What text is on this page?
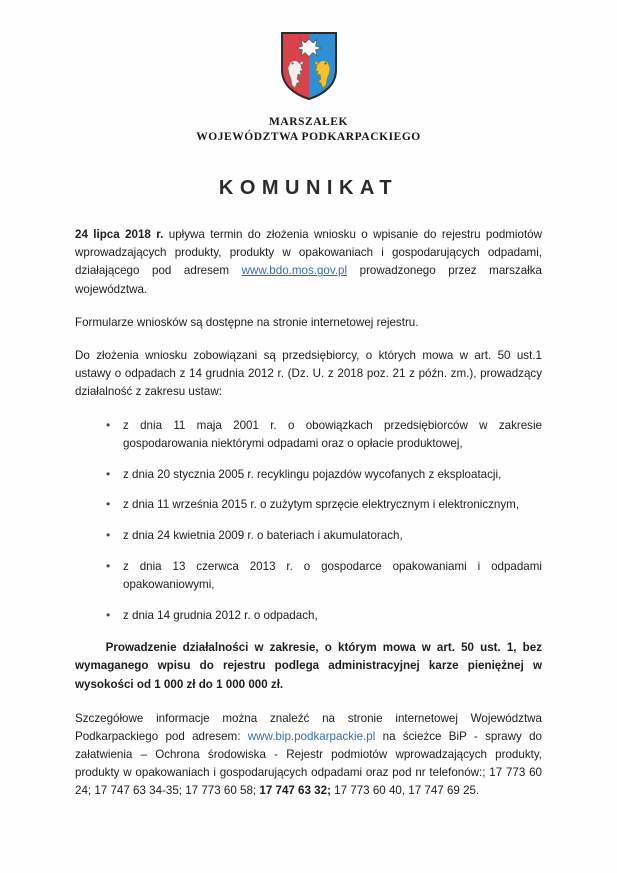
MARSZAŁEK
WOJEWÓDZTWA PODKARPACKIEGO
KOMUNIKAT

24 lipca 2018 r. upływa termin do złożenia wniosku o wpisanie do rejestru podmiotów wprowadzających produkty, produkty w opakowaniach i gospodarujących odpadami, działającego pod adresem www.bdo.mos.gov.pl prowadzonego przez marszałka województwa.

Formularze wniosków są dostępne na stronie internetowej rejestru.

Do złożenia wniosku zobowiązani są przedsiębiorcy, o których mowa w art. 50 ust.1 ustawy o odpadach z 14 grudnia 2012 r. (Dz. U. z 2018 poz. 21 z późn. zm.), prowadzący działalność z zakresu ustaw:

• z dnia 11 maja 2001 r. o obowiązkach przedsiębiorców w zakresie gospodarowania niektórymi odpadami oraz o opłacie produktowej,
• z dnia 20 stycznia 2005 r. recyklingu pojazdów wycofanych z eksploatacji,
• z dnia 11 września 2015 r. o zużytym sprzęcie elektrycznym i elektronicznym,
• z dnia 24 kwietnia 2009 r. o bateriach i akumulatorach,
• z dnia 13 czerwca 2013 r. o gospodarce opakowaniami i odpadami opakowaniowymi,
• z dnia 14 grudnia 2012 r. o odpadach,

Prowadzenie działalności w zakresie, o którym mowa w art. 50 ust. 1, bez wymaganego wpisu do rejestru podlega administracyjnej karze pieniężnej w wysokości od 1 000 zł do 1 000 000 zł.

Szczegółowe informacje można znaleźć na stronie internetowej Województwa Podkarpackiego pod adresem: www.bip.podkarpackie.pl na ścieżce BiP - sprawy do załatwienia – Ochrona środowiska - Rejestr podmiotów wprowadzających produkty, produkty w opakowaniach i gospodarujących odpadami oraz pod nr telefonów:; 17 773 60 24; 17 747 63 34-35; 17 773 60 58; 17 747 63 32; 17 773 60 40, 17 747 69 25.
